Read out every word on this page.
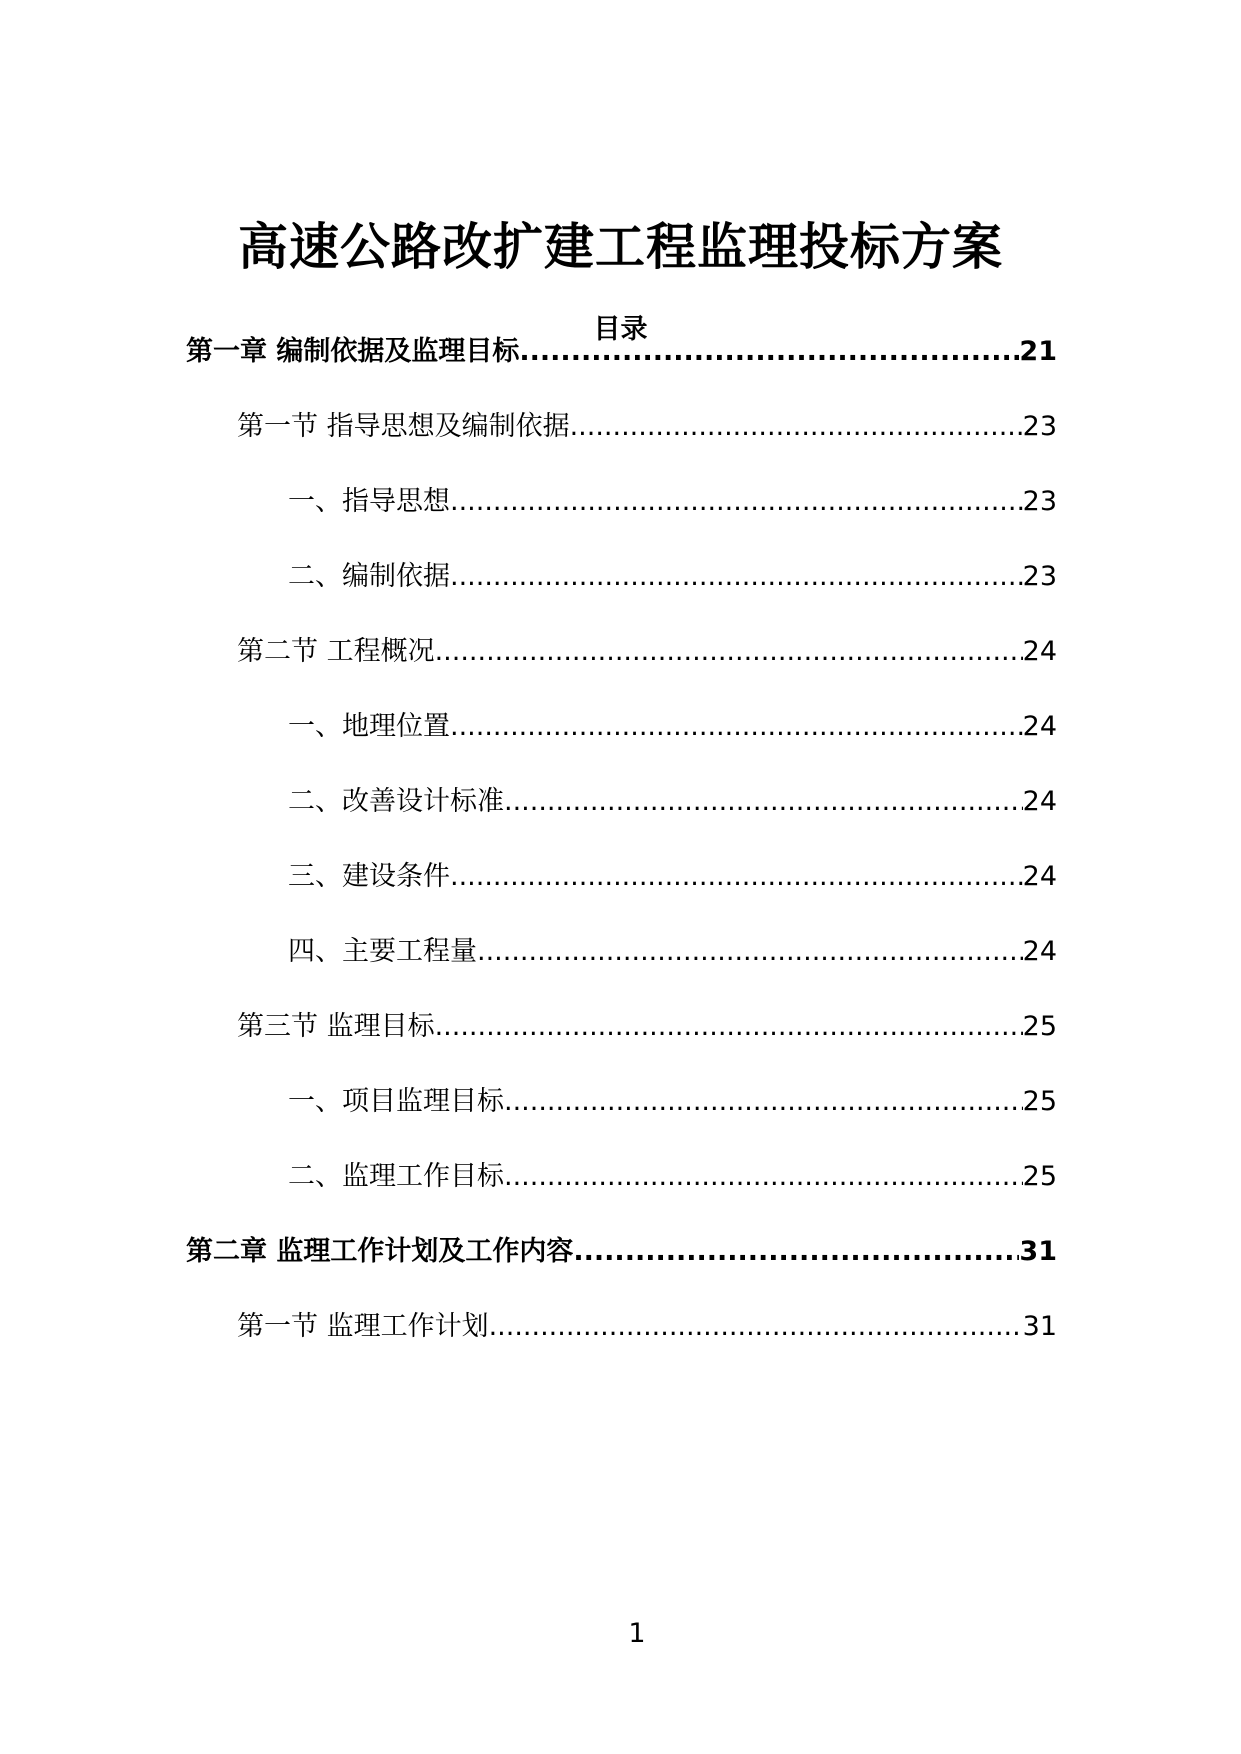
高速公路改扩建工程监理投标方案
目录
第一章 编制依据及监理目标 .....	21
第一节 指导思想及编制依据 .....	23
一、指导思想 .....	23
二、编制依据 .....	23
第二节 工程概况 .....	24
一、地理位置 .....	24
二、改善设计标准 .....	24
三、建设条件 .....	24
四、主要工程量 .....	24
第三节 监理目标 .....	25
一、项目监理目标 .....	25
二、监理工作目标 .....	25
第二章 监理工作计划及工作内容 .....	31
第一节 监理工作计划 .....	31
1
